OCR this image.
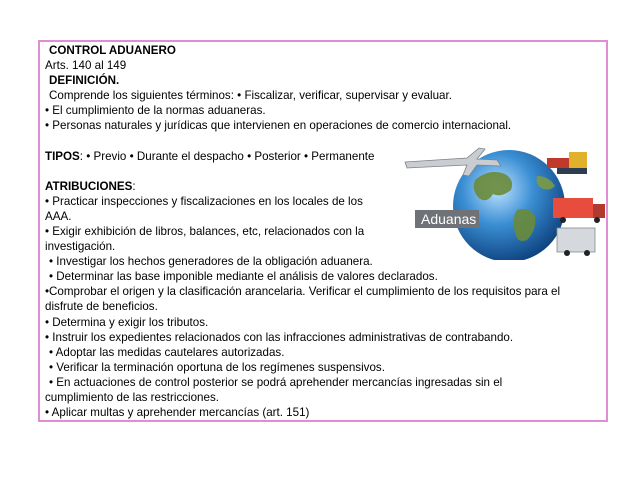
CONTROL ADUANERO
Arts. 140 al 149
DEFINICIÓN.
Comprende los siguientes términos: • Fiscalizar, verificar, supervisar y evaluar.
• El cumplimiento de la normas aduaneras.
• Personas naturales y jurídicas que intervienen en operaciones de comercio internacional.
TIPOS: • Previo • Durante el despacho • Posterior • Permanente
ATRIBUCIONES:
• Practicar inspecciones y fiscalizaciones en los locales de los
AAA.
• Exigir exhibición de libros, balances, etc, relacionados con la
investigación.
• Investigar los hechos generadores de la obligación aduanera.
• Determinar las base imponible mediante el análisis de valores declarados.
•Comprobar el origen y la clasificación arancelaria. Verificar el cumplimiento de los requisitos para el
disfrute de beneficios.
• Determina y exigir los tributos.
• Instruir los expedientes relacionados con las infracciones administrativas de contrabando.
• Adoptar las medidas cautelares autorizadas.
• Verificar la terminación oportuna de los regímenes suspensivos.
• En actuaciones de control posterior se podrá aprehender mercancías ingresadas sin el
cumplimiento de las restricciones.
• Aplicar multas y aprehender mercancías (art. 151)
Aduanas
